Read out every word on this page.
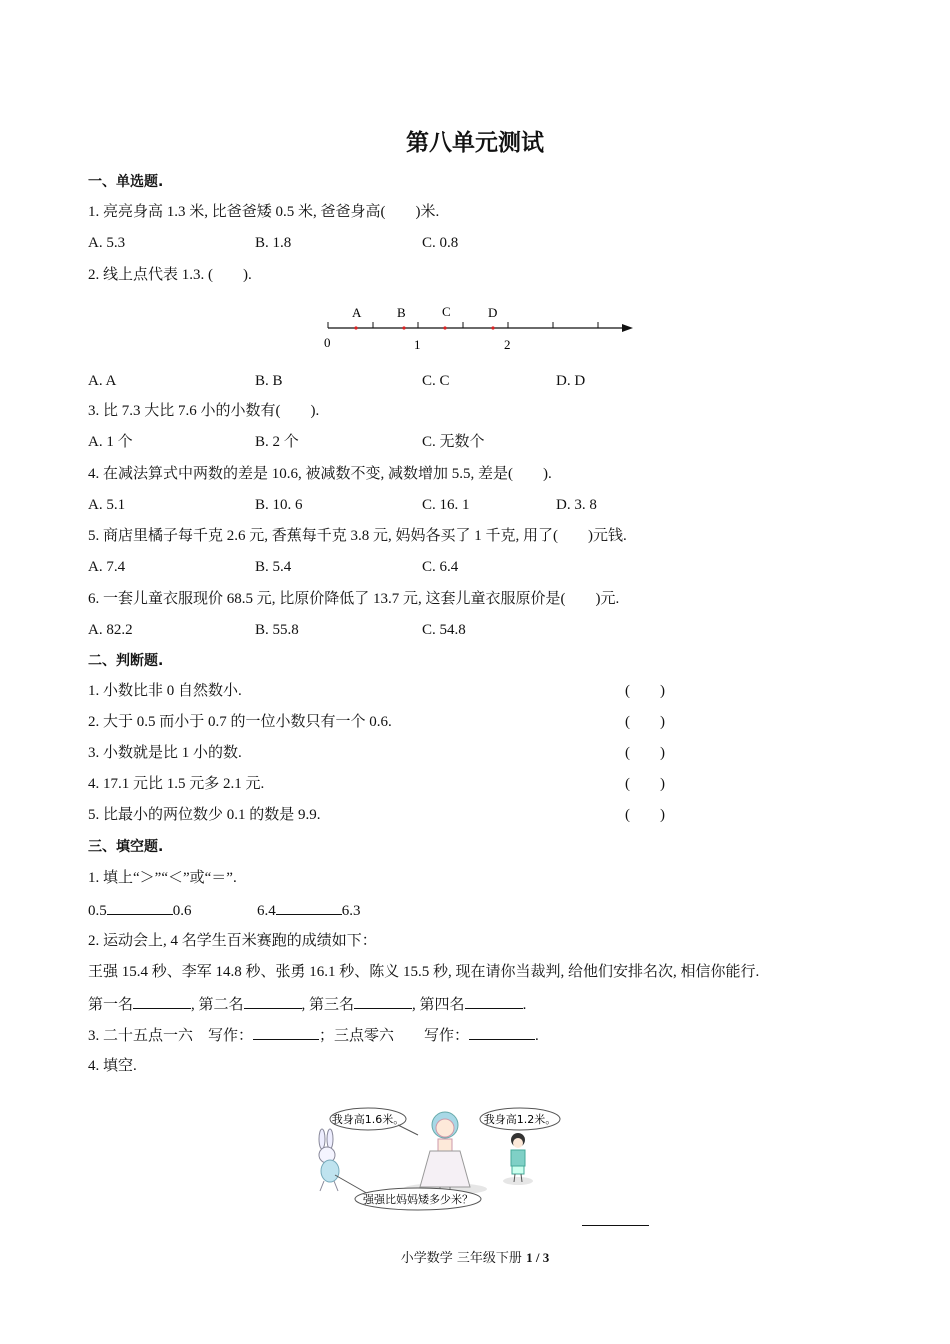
第八单元测试
一、单选题.
1. 亮亮身高 1.3 米, 比爸爸矮 0.5 米, 爸爸身高(　　)米.
A. 5.3	B. 1.8	C. 0.8
2. 线上点代表 1.3. (　　).
A	B	C	D
0	1	2
A. A	B. B	C. C	D. D
3. 比 7.3 大比 7.6 小的小数有(　　).
A. 1 个	B. 2 个	C. 无数个
4. 在减法算式中两数的差是 10.6, 被减数不变, 减数增加 5.5, 差是(　　).
A. 5.1	B. 10. 6	C. 16. 1	D. 3. 8
5. 商店里橘子每千克 2.6 元, 香蕉每千克 3.8 元, 妈妈各买了 1 千克, 用了(　　)元钱.
A. 7.4	B. 5.4	C. 6.4
6. 一套儿童衣服现价 68.5 元, 比原价降低了 13.7 元, 这套儿童衣服原价是(　　)元.
A. 82.2	B. 55.8	C. 54.8
二、判断题.
1. 小数比非 0 自然数小.	(　　)
2. 大于 0.5 而小于 0.7 的一位小数只有一个 0.6.	(　　)
3. 小数就是比 1 小的数.	(　　)
4. 17.1 元比 1.5 元多 2.1 元.	(　　)
5. 比最小的两位数少 0.1 的数是 9.9.	(　　)
三、填空题.
1. 填上“＞”“＜”或“＝”.
0.5	0.6	6.4	6.3
2. 运动会上, 4 名学生百米赛跑的成绩如下：
王强 15.4 秒、李军 14.8 秒、张勇 16.1 秒、陈义 15.5 秒, 现在请你当裁判, 给他们安排名次, 相信你能行.
第一名	, 第二名	, 第三名	, 第四名	.
3. 二十五点一六　写作：	；三点零六　　写作：	.
4. 填空.
我身高1.6米。	我身高1.2米。
强强比妈妈矮多少米？
小学数学 三年级下册 1 / 3
